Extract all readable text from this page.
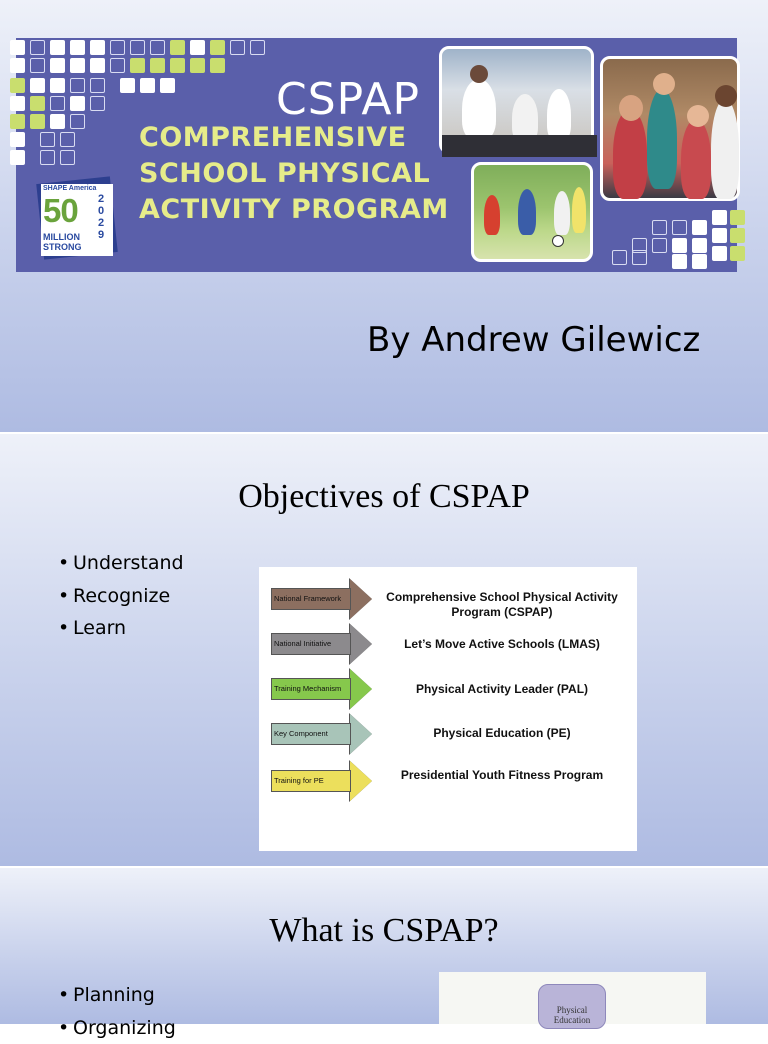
CSPAP
COMPREHENSIVE
SCHOOL PHYSICAL
ACTIVITY PROGRAM
SHAPE America
50 2
0
2
9
MILLION
STRONG
By Andrew Gilewicz
Objectives of CSPAP
• Understand
• Recognize
• Learn
National Framework	Comprehensive School Physical Activity
Program (CSPAP)
National Initiative	Let’s Move Active Schools (LMAS)
Training Mechanism	Physical Activity Leader (PAL)
Key Component	Physical Education (PE)
Training for PE	Presidential Youth Fitness Program
What is CSPAP?
• Planning
• Organizing
Physical
Education
